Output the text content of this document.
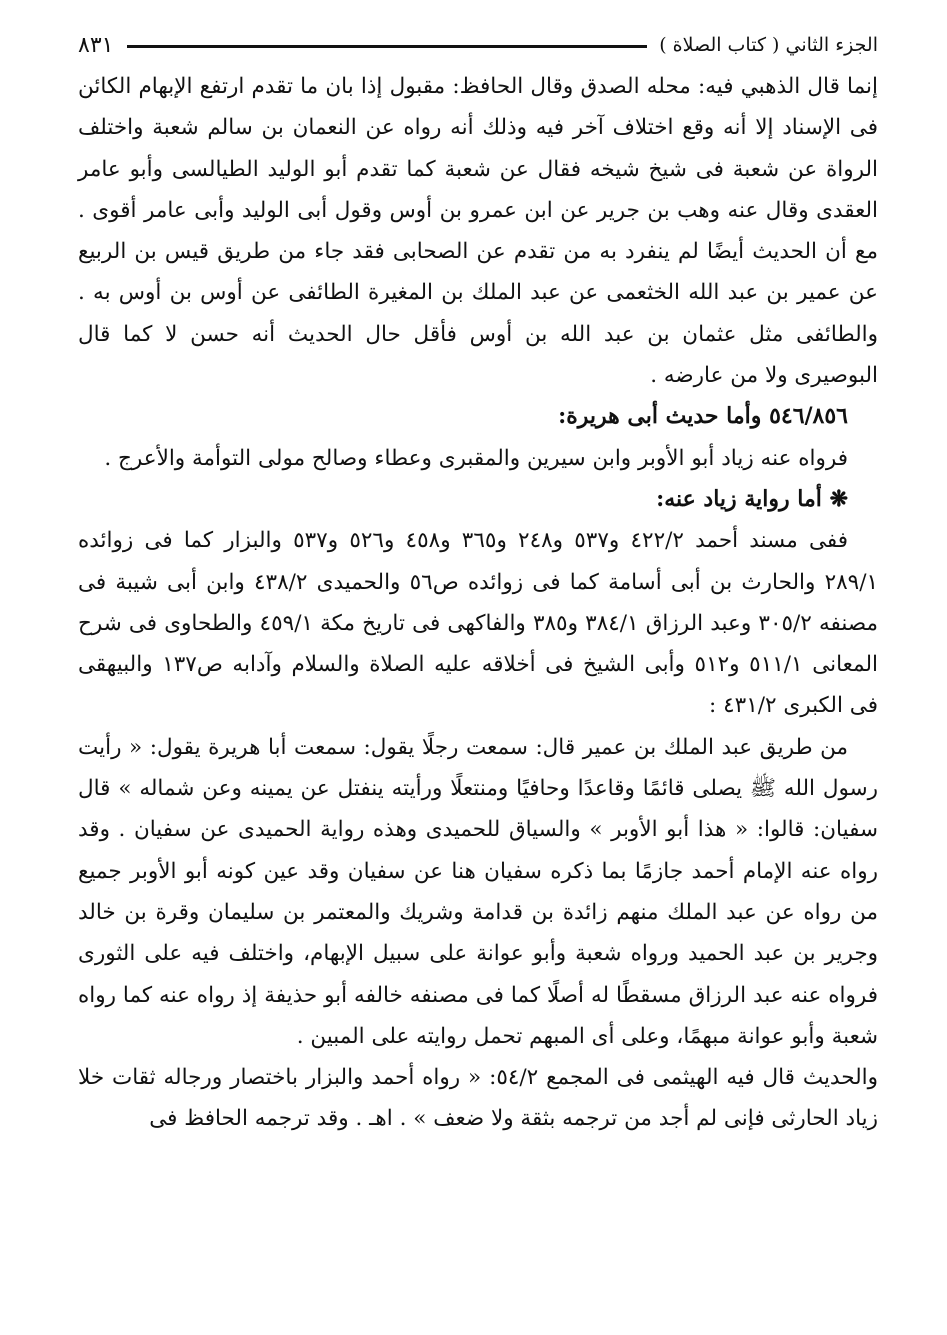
الجزء الثاني ( كتاب الصلاة )
٨٣١

إنما قال الذهبي فيه: محله الصدق وقال الحافظ: مقبول إذا بان ما تقدم ارتفع الإبهام الكائن فى الإسناد إلا أنه وقع اختلاف آخر فيه وذلك أنه رواه عن النعمان بن سالم شعبة واختلف الرواة عن شعبة فى شيخ شيخه فقال عن شعبة كما تقدم أبو الوليد الطيالسى وأبو عامر العقدى وقال عنه وهب بن جرير عن ابن عمرو بن أوس وقول أبى الوليد وأبى عامر أقوى . مع أن الحديث أيضًا لم ينفرد به من تقدم عن الصحابى فقد جاء من طريق قيس بن الربيع عن عمير بن عبد الله الخثعمى عن عبد الملك بن المغيرة الطائفى عن أوس بن أوس به . والطائفى مثل عثمان بن عبد الله بن أوس فأقل حال الحديث أنه حسن لا كما قال البوصيرى ولا من عارضه .

٥٤٦/٨٥٦ وأما حديث أبى هريرة:

فرواه عنه زياد أبو الأوبر وابن سيرين والمقبرى وعطاء وصالح مولى التوأمة والأعرج .

❋ أما رواية زياد عنه:

ففى مسند أحمد ٤٢٢/٢ و٥٣٧ و٢٤٨ و٣٦٥ و٤٥٨ و٥٢٦ و٥٣٧ والبزار كما فى زوائده ٢٨٩/١ والحارث بن أبى أسامة كما فى زوائده ص٥٦ والحميدى ٤٣٨/٢ وابن أبى شيبة فى مصنفه ٣٠٥/٢ وعبد الرزاق ٣٨٤/١ و٣٨٥ والفاكهى فى تاريخ مكة ٤٥٩/١ والطحاوى فى شرح المعانى ٥١١/١ و٥١٢ وأبى الشيخ فى أخلاقه عليه الصلاة والسلام وآدابه ص١٣٧ والبيهقى فى الكبرى ٤٣١/٢ :

من طريق عبد الملك بن عمير قال: سمعت رجلًا يقول: سمعت أبا هريرة يقول: « رأيت رسول الله ﷺ يصلى قائمًا وقاعدًا وحافيًا ومنتعلًا ورأيته ينفتل عن يمينه وعن شماله » قال سفيان: قالوا: « هذا أبو الأوبر » والسياق للحميدى وهذه رواية الحميدى عن سفيان . وقد رواه عنه الإمام أحمد جازمًا بما ذكره سفيان هنا عن سفيان وقد عين كونه أبو الأوبر جميع من رواه عن عبد الملك منهم زائدة بن قدامة وشريك والمعتمر بن سليمان وقرة بن خالد وجرير بن عبد الحميد ورواه شعبة وأبو عوانة على سبيل الإبهام، واختلف فيه على الثورى فرواه عنه عبد الرزاق مسقطًا له أصلًا كما فى مصنفه خالفه أبو حذيفة إذ رواه عنه كما رواه شعبة وأبو عوانة مبهمًا، وعلى أى المبهم تحمل روايته على المبين .

والحديث قال فيه الهيثمى فى المجمع ٥٤/٢: « رواه أحمد والبزار باختصار ورجاله ثقات خلا زياد الحارثى فإنى لم أجد من ترجمه بثقة ولا ضعف » . اهـ . وقد ترجمه الحافظ فى
